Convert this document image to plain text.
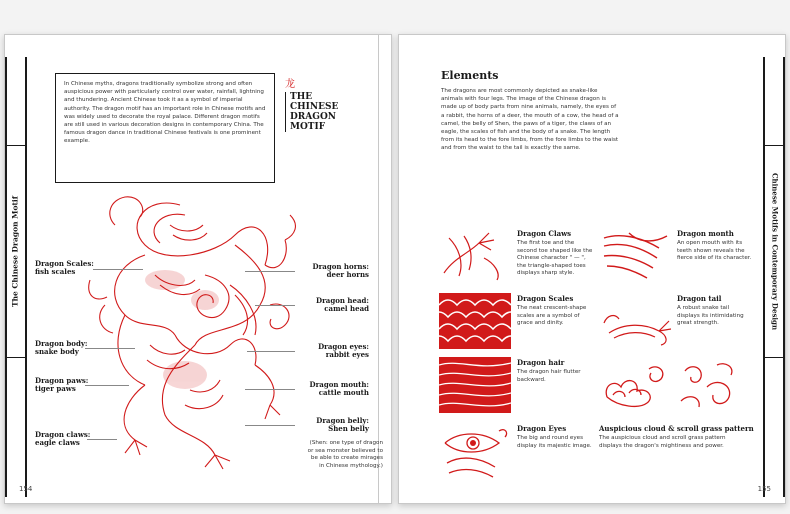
The Chinese Dragon Motif
In Chinese myths, dragons traditionally symbolize strong and often auspicious power with particularly control over water, rainfall, lightning and thundering. Ancient Chinese took it as a symbol of imperial authority. The dragon motif has an important role in Chinese motifs and was widely used to decorate the royal palace. Different dragon motifs are still used in various decoration designs in contemporary China. The famous dragon dance in traditional Chinese festivals is one prominent example.
龙
THE CHINESE DRAGON MOTIF
Dragon Scales:
fish scales
Dragon body:
snake body
Dragon paws:
tiger paws
Dragon claws:
eagle claws
Dragon horns:
deer horns
Dragon head:
camel head
Dragon eyes:
rabbit eyes
Dragon mouth:
cattle mouth
Dragon belly:
Shen belly
(Shen: one type of dragon or sea monster believed to be able to create mirages in Chinese mythology.)
154
Chinese Motifs in Contemporary Design
Elements
The dragons are most commonly depicted as snake-like animals with four legs. The image of the Chinese dragon is made up of body parts from nine animals, namely, the eyes of a rabbit, the horns of a deer, the mouth of a cow, the head of a camel, the belly of Shen, the paws of a tiger, the claws of an eagle, the scales of fish and the body of a snake. The length from its head to the fore limbs, from the fore limbs to the waist and from the waist to the tail is exactly the same.
Dragon Claws
The first toe and the second toe shaped like the Chinese character " — ", the triangle-shaped toes displays sharp style.
Dragon month
An open mouth with its teeth shown reveals the fierce side of its character.
Dragon Scales
The neat crescent-shape scales are a symbol of grace and dinity.
Dragon tail
A robust snake tail displays its intimidating great strength.
Dragon hair
The dragon hair flutter backward.
Dragon Eyes
The big and round eyes display its majestic image.
Auspicious cloud & scroll grass pattern
The auspicious cloud and scroll grass pattern displays the dragon's mightiness and power.
155
